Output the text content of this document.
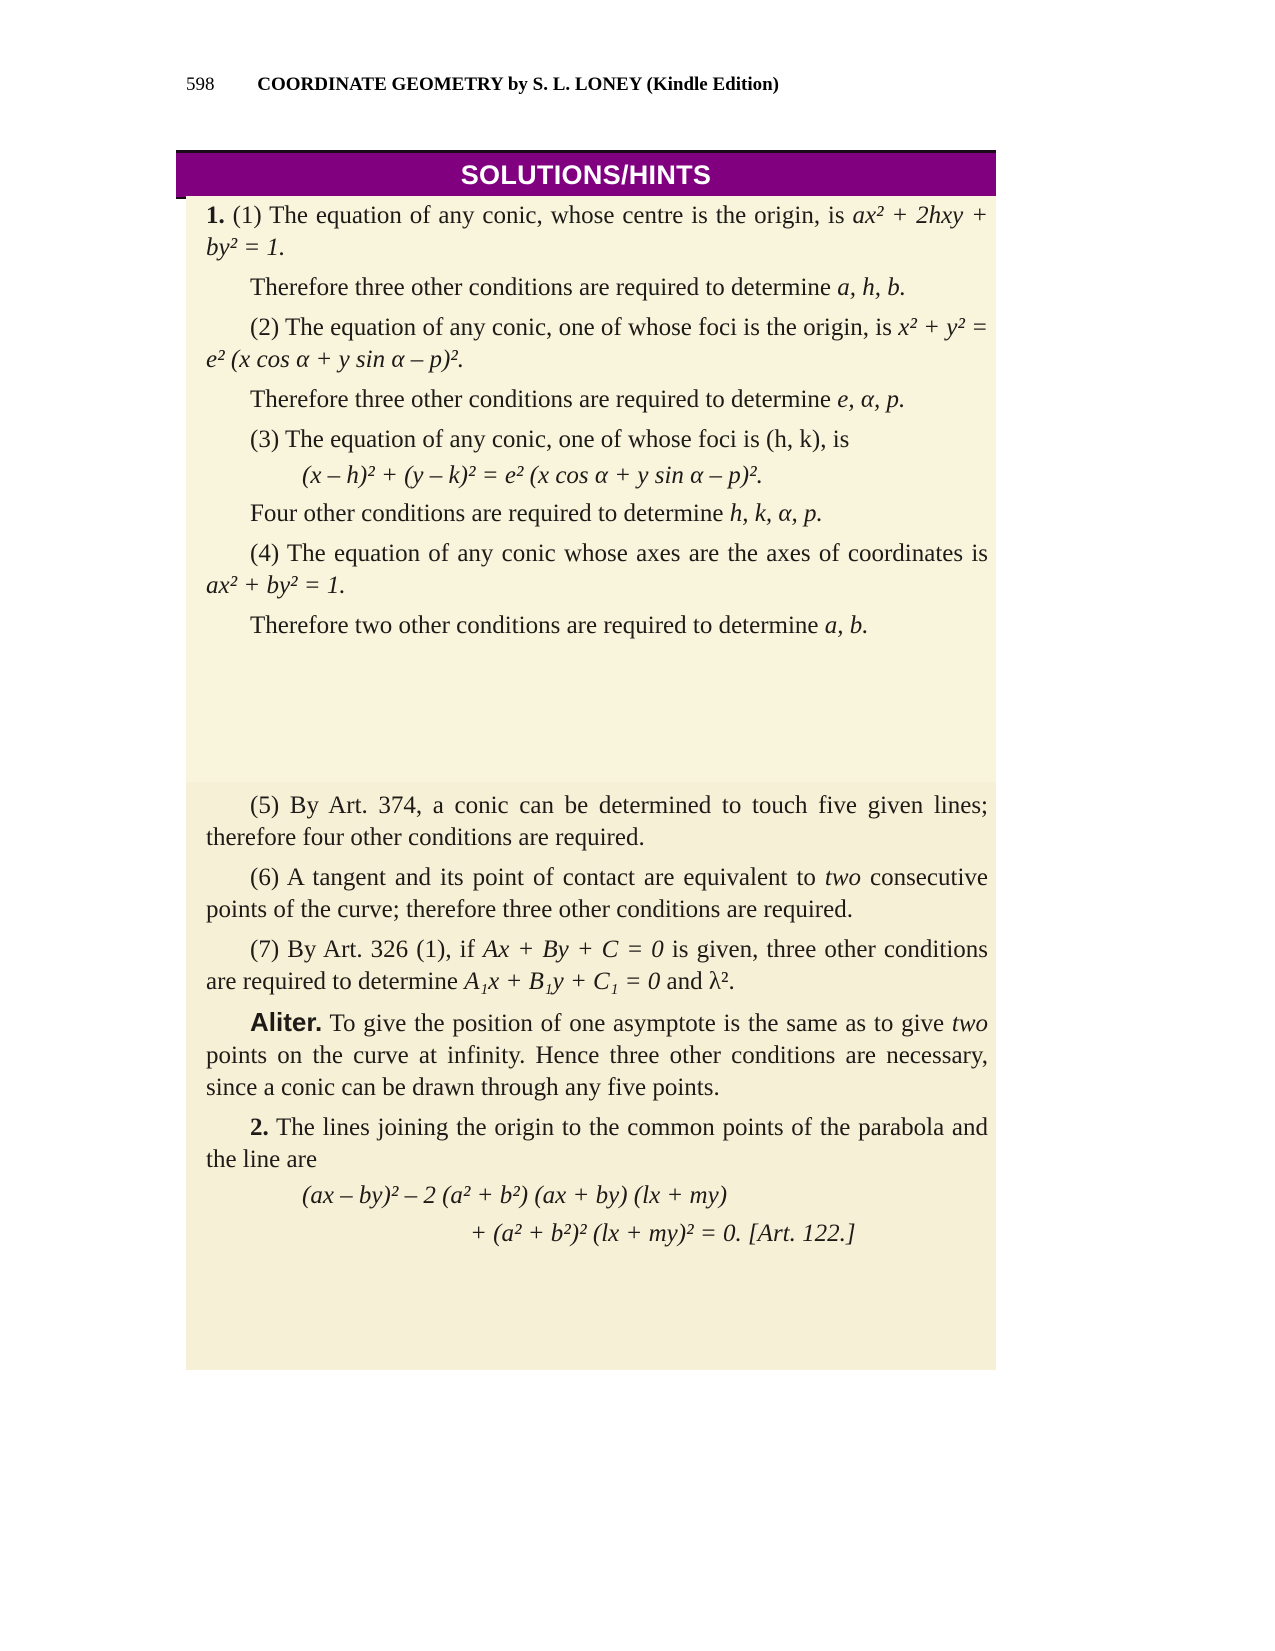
598 COORDINATE GEOMETRY by S. L. LONEY (Kindle Edition)
SOLUTIONS/HINTS

1. (1) The equation of any conic, whose centre is the origin, is ax² + 2hxy + by² = 1.

Therefore three other conditions are required to determine a, h, b.

(2) The equation of any conic, one of whose foci is the origin, is x² + y² = e² (x cos α + y sin α – p)².

Therefore three other conditions are required to determine e, α, p.

(3) The equation of any conic, one of whose foci is (h, k), is

(x – h)² + (y – k)² = e² (x cos α + y sin α – p)².

Four other conditions are required to determine h, k, α, p.

(4) The equation of any conic whose axes are the axes of coordinates is ax² + by² = 1.

Therefore two other conditions are required to determine a, b.

(5) By Art. 374, a conic can be determined to touch five given lines; therefore four other conditions are required.

(6) A tangent and its point of contact are equivalent to two consecutive points of the curve; therefore three other conditions are required.

(7) By Art. 326 (1), if Ax + By + C = 0 is given, three other conditions are required to determine A₁x + B₁y + C₁ = 0 and λ².

Aliter. To give the position of one asymptote is the same as to give two points on the curve at infinity. Hence three other conditions are necessary, since a conic can be drawn through any five points.

2. The lines joining the origin to the common points of the parabola and the line are

(ax – by)² – 2 (a² + b²) (ax + by) (lx + my)
+ (a² + b²)² (lx + my)² = 0. [Art. 122.]
